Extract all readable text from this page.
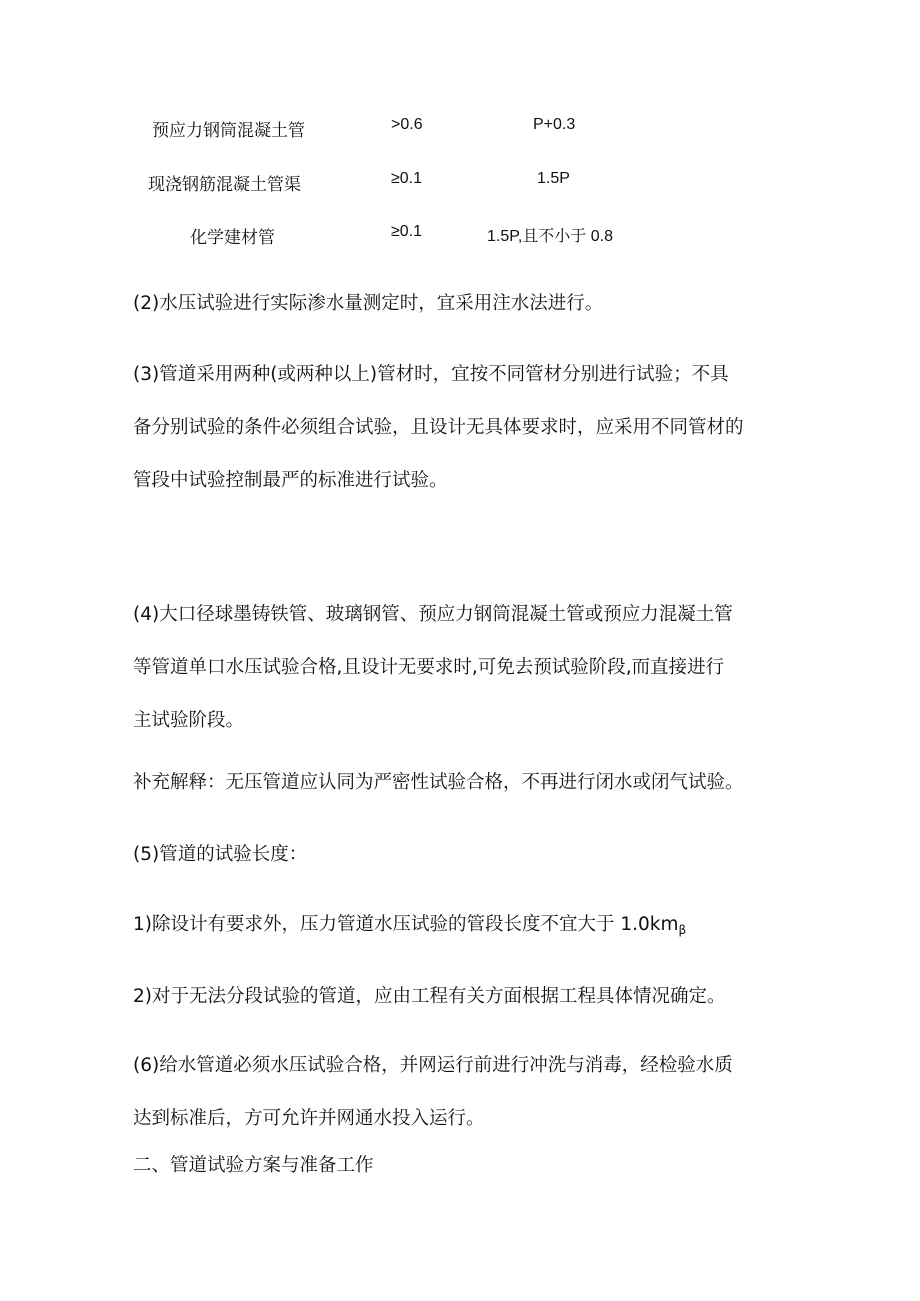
预应力钢筒混凝土管	>0.6	P+0.3
现浇钢筋混凝土管渠	≥0.1	1.5P
化学建材管	≥0.1	1.5P,且不小于 0.8

(2)水压试验进行实际渗水量测定时，宜采用注水法进行。

(3)管道采用两种(或两种以上)管材时，宜按不同管材分别进行试验；不具
备分别试验的条件必须组合试验，且设计无具体要求时，应采用不同管材的
管段中试验控制最严的标准进行试验。
(4)大口径球墨铸铁管、玻璃钢管、预应力钢筒混凝土管或预应力混凝土管
等管道单口水压试验合格,且设计无要求时,可免去预试验阶段,而直接进行
主试验阶段。

补充解释：无压管道应认同为严密性试验合格，不再进行闭水或闭气试验。

(5)管道的试验长度：

1)除设计有要求外，压力管道水压试验的管段长度不宜大于 $1.0km_\beta$

2)对于无法分段试验的管道，应由工程有关方面根据工程具体情况确定。

(6)给水管道必须水压试验合格，并网运行前进行冲洗与消毒，经检验水质
达到标准后，方可允许并网通水投入运行。

二、管道试验方案与准备工作
